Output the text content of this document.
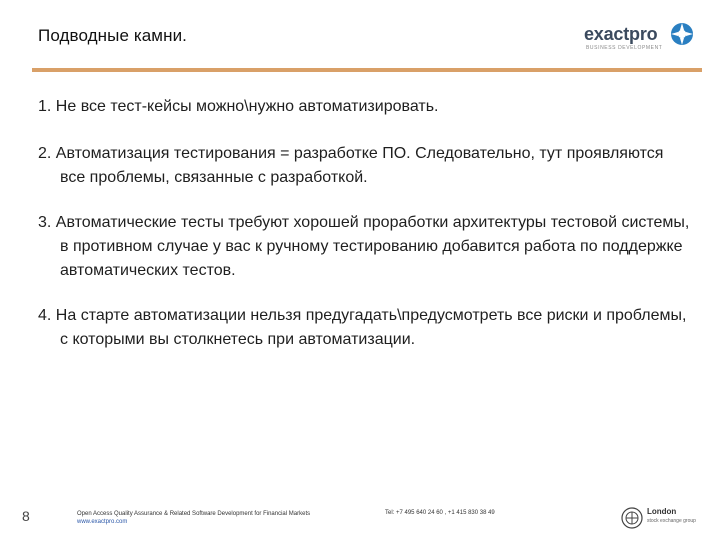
Подводные камни.	exactpro
BUSINESS DEVELOPMENT

1. Не все тест-кейсы можно\нужно автоматизировать.

2. Автоматизация тестирования = разработке ПО. Следовательно, тут проявляются все проблемы, связанные с разработкой.

3. Автоматические тесты требуют хорошей проработки архитектуры тестовой системы, в противном случае у вас к ручному тестированию добавится работа по поддержке автоматических тестов.

4. На старте автоматизации нельзя предугадать\предусмотреть все риски и проблемы, с которыми вы столкнетесь при автоматизации.

8	Open Access Quality Assurance & Related Software Development for Financial Markets
www.exactpro.com
Tel: +7 495 640 24 60 , +1 415 830 38 49	London
stock exchange group
